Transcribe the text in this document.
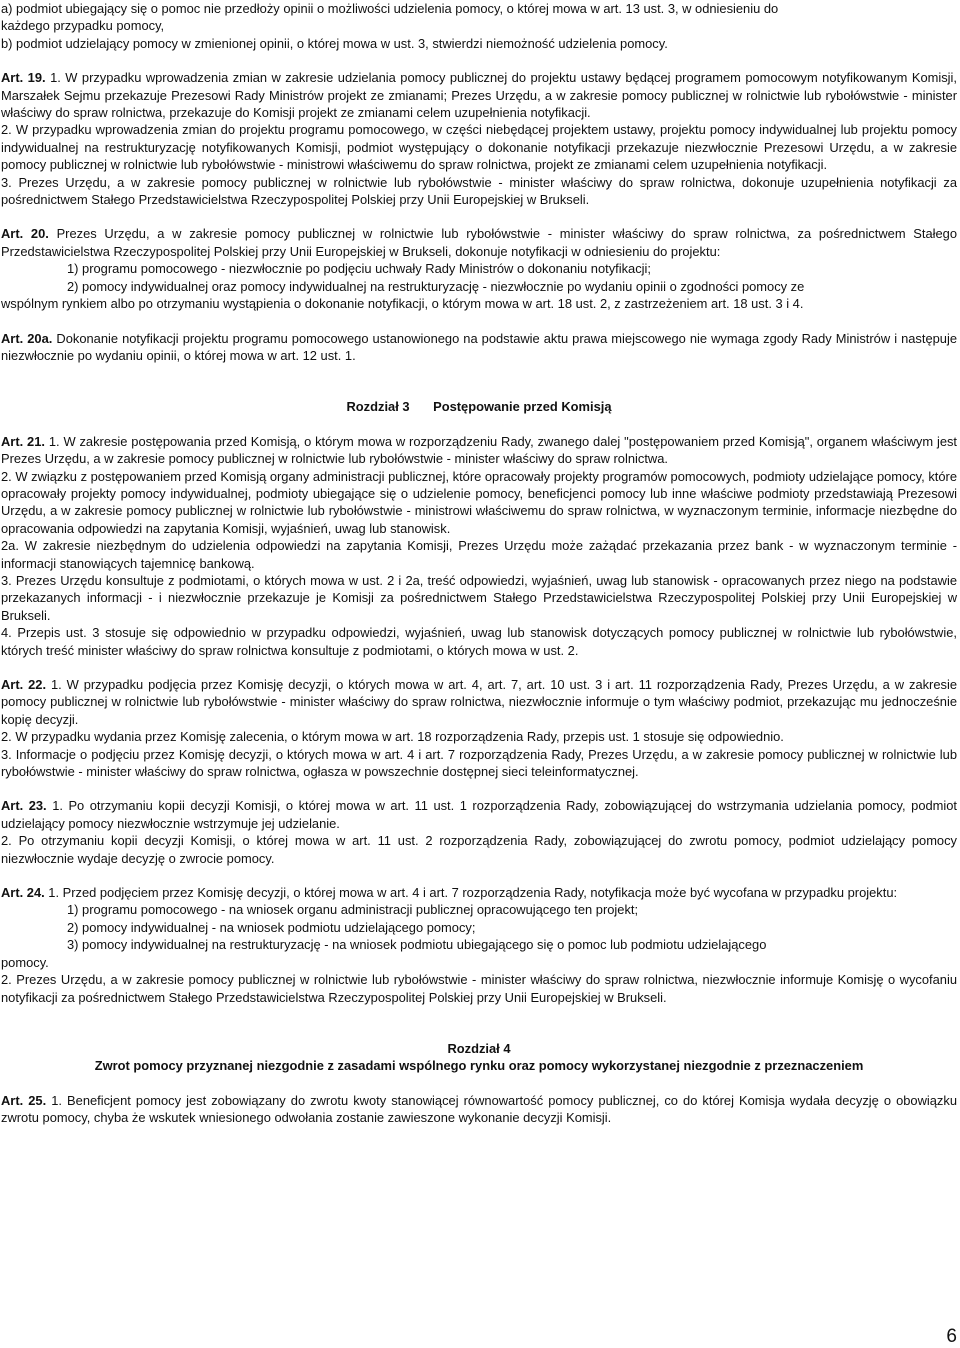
a) podmiot ubiegający się o pomoc nie przedłoży opinii o możliwości udzielenia pomocy, o której mowa w art. 13 ust. 3, w odniesieniu do

każdego przypadku pomocy,

b) podmiot udzielający pomocy w zmienionej opinii, o której mowa w ust. 3, stwierdzi niemożność udzielenia pomocy.

Art. 19. 1. W przypadku wprowadzenia zmian w zakresie udzielania pomocy publicznej do projektu ustawy będącej programem pomocowym notyfikowanym Komisji, Marszałek Sejmu przekazuje Prezesowi Rady Ministrów projekt ze zmianami; Prezes Urzędu, a w zakresie pomocy publicznej w rolnictwie lub rybołówstwie - minister właściwy do spraw rolnictwa, przekazuje do Komisji projekt ze zmianami celem uzupełnienia notyfikacji.

2. W przypadku wprowadzenia zmian do projektu programu pomocowego, w części niebędącej projektem ustawy, projektu pomocy indywidualnej lub projektu pomocy indywidualnej na restrukturyzację notyfikowanych Komisji, podmiot występujący o dokonanie notyfikacji przekazuje niezwłocznie Prezesowi Urzędu, a w zakresie pomocy publicznej w rolnictwie lub rybołówstwie - ministrowi właściwemu do spraw rolnictwa, projekt ze zmianami celem uzupełnienia notyfikacji.

3. Prezes Urzędu, a w zakresie pomocy publicznej w rolnictwie lub rybołówstwie - minister właściwy do spraw rolnictwa, dokonuje uzupełnienia notyfikacji za pośrednictwem Stałego Przedstawicielstwa Rzeczypospolitej Polskiej przy Unii Europejskiej w Brukseli.

Art. 20. Prezes Urzędu, a w zakresie pomocy publicznej w rolnictwie lub rybołówstwie - minister właściwy do spraw rolnictwa, za pośrednictwem Stałego Przedstawicielstwa Rzeczypospolitej Polskiej przy Unii Europejskiej w Brukseli, dokonuje notyfikacji w odniesieniu do projektu:

1) programu pomocowego - niezwłocznie po podjęciu uchwały Rady Ministrów o dokonaniu notyfikacji;

2) pomocy indywidualnej oraz pomocy indywidualnej na restrukturyzację - niezwłocznie po wydaniu opinii o zgodności pomocy ze

wspólnym rynkiem albo po otrzymaniu wystąpienia o dokonanie notyfikacji, o którym mowa w art. 18 ust. 2, z zastrzeżeniem art. 18 ust. 3 i 4.

Art. 20a. Dokonanie notyfikacji projektu programu pomocowego ustanowionego na podstawie aktu prawa miejscowego nie wymaga zgody Rady Ministrów i następuje niezwłocznie po wydaniu opinii, o której mowa w art. 12 ust. 1.

Rozdział 3 Postępowanie przed Komisją

Art. 21. 1. W zakresie postępowania przed Komisją, o którym mowa w rozporządzeniu Rady, zwanego dalej "postępowaniem przed Komisją", organem właściwym jest Prezes Urzędu, a w zakresie pomocy publicznej w rolnictwie lub rybołówstwie - minister właściwy do spraw rolnictwa.

2. W związku z postępowaniem przed Komisją organy administracji publicznej, które opracowały projekty programów pomocowych, podmioty udzielające pomocy, które opracowały projekty pomocy indywidualnej, podmioty ubiegające się o udzielenie pomocy, beneficjenci pomocy lub inne właściwe podmioty przedstawiają Prezesowi Urzędu, a w zakresie pomocy publicznej w rolnictwie lub rybołówstwie - ministrowi właściwemu do spraw rolnictwa, w wyznaczonym terminie, informacje niezbędne do opracowania odpowiedzi na zapytania Komisji, wyjaśnień, uwag lub stanowisk.

2a. W zakresie niezbędnym do udzielenia odpowiedzi na zapytania Komisji, Prezes Urzędu może zażądać przekazania przez bank - w wyznaczonym terminie - informacji stanowiących tajemnicę bankową.

3. Prezes Urzędu konsultuje z podmiotami, o których mowa w ust. 2 i 2a, treść odpowiedzi, wyjaśnień, uwag lub stanowisk - opracowanych przez niego na podstawie przekazanych informacji - i niezwłocznie przekazuje je Komisji za pośrednictwem Stałego Przedstawicielstwa Rzeczypospolitej Polskiej przy Unii Europejskiej w Brukseli.

4. Przepis ust. 3 stosuje się odpowiednio w przypadku odpowiedzi, wyjaśnień, uwag lub stanowisk dotyczących pomocy publicznej w rolnictwie lub rybołówstwie, których treść minister właściwy do spraw rolnictwa konsultuje z podmiotami, o których mowa w ust. 2.

Art. 22. 1. W przypadku podjęcia przez Komisję decyzji, o których mowa w art. 4, art. 7, art. 10 ust. 3 i art. 11 rozporządzenia Rady, Prezes Urzędu, a w zakresie pomocy publicznej w rolnictwie lub rybołówstwie - minister właściwy do spraw rolnictwa, niezwłocznie informuje o tym właściwy podmiot, przekazując mu jednocześnie kopię decyzji.

2. W przypadku wydania przez Komisję zalecenia, o którym mowa w art. 18 rozporządzenia Rady, przepis ust. 1 stosuje się odpowiednio.

3. Informacje o podjęciu przez Komisję decyzji, o których mowa w art. 4 i art. 7 rozporządzenia Rady, Prezes Urzędu, a w zakresie pomocy publicznej w rolnictwie lub rybołówstwie - minister właściwy do spraw rolnictwa, ogłasza w powszechnie dostępnej sieci teleinformatycznej.

Art. 23. 1. Po otrzymaniu kopii decyzji Komisji, o której mowa w art. 11 ust. 1 rozporządzenia Rady, zobowiązującej do wstrzymania udzielania pomocy, podmiot udzielający pomocy niezwłocznie wstrzymuje jej udzielanie.

2. Po otrzymaniu kopii decyzji Komisji, o której mowa w art. 11 ust. 2 rozporządzenia Rady, zobowiązującej do zwrotu pomocy, podmiot udzielający pomocy niezwłocznie wydaje decyzję o zwrocie pomocy.

Art. 24. 1. Przed podjęciem przez Komisję decyzji, o której mowa w art. 4 i art. 7 rozporządzenia Rady, notyfikacja może być wycofana w przypadku projektu:

1) programu pomocowego - na wniosek organu administracji publicznej opracowującego ten projekt;

2) pomocy indywidualnej - na wniosek podmiotu udzielającego pomocy;

3) pomocy indywidualnej na restrukturyzację - na wniosek podmiotu ubiegającego się o pomoc lub podmiotu udzielającego

pomocy.

2. Prezes Urzędu, a w zakresie pomocy publicznej w rolnictwie lub rybołówstwie - minister właściwy do spraw rolnictwa, niezwłocznie informuje Komisję o wycofaniu notyfikacji za pośrednictwem Stałego Przedstawicielstwa Rzeczypospolitej Polskiej przy Unii Europejskiej w Brukseli.

Rozdział 4

Zwrot pomocy przyznanej niezgodnie z zasadami wspólnego rynku oraz pomocy wykorzystanej niezgodnie z przeznaczeniem

Art. 25. 1. Beneficjent pomocy jest zobowiązany do zwrotu kwoty stanowiącej równowartość pomocy publicznej, co do której Komisja wydała decyzję o obowiązku zwrotu pomocy, chyba że wskutek wniesionego odwołania zostanie zawieszone wykonanie decyzji Komisji.

6
